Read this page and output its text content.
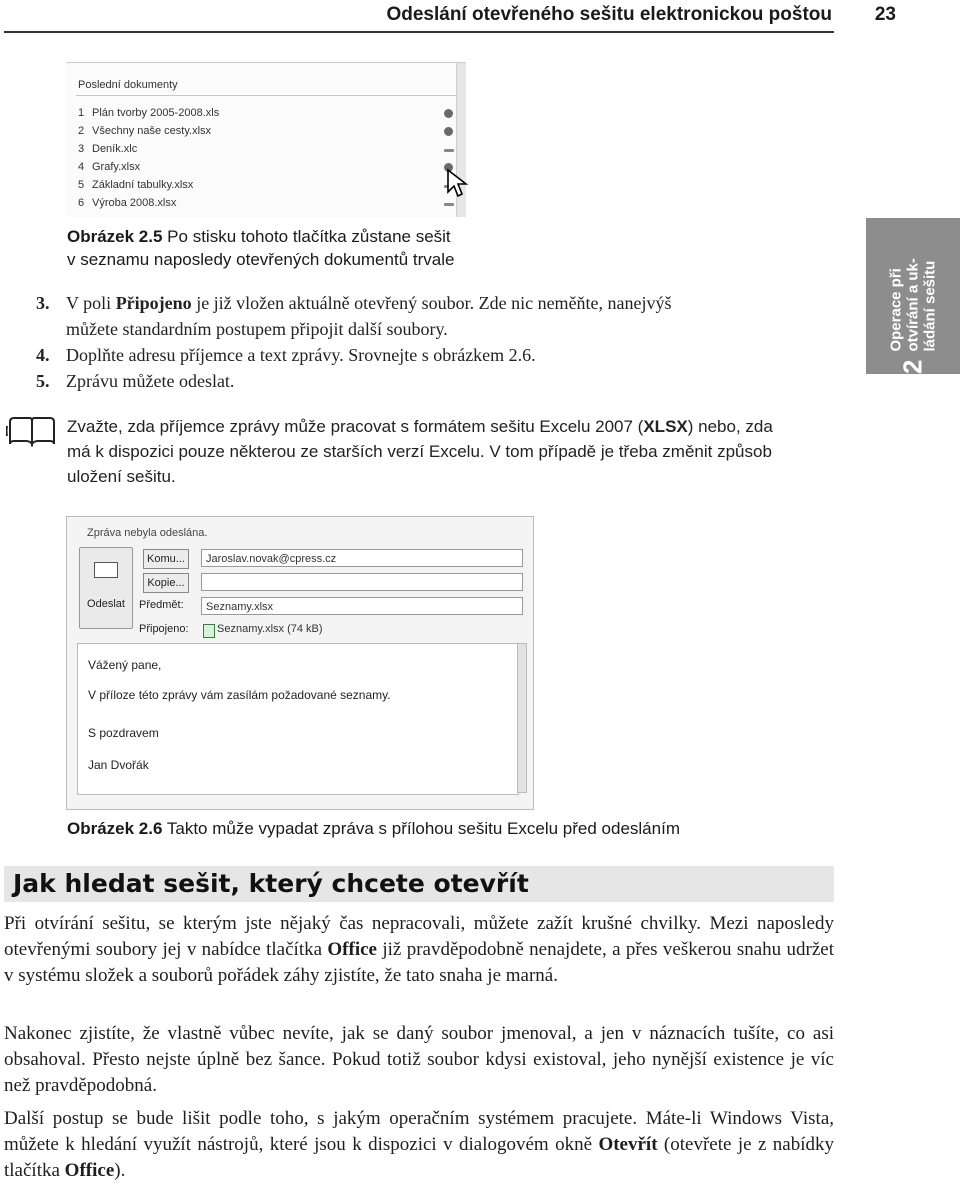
Odeslání otevřeného sešitu elektronickou poštou 23
2
Operace při
otvírání a uk-
ládání sešitu
Poslední dokumenty
1 Plán tvorby 2005-2008.xls
2 Všechny naše cesty.xlsx
3 Deník.xlc
4 Grafy.xlsx
5 Základní tabulky.xlsx
6 Výroba 2008.xlsx
Obrázek 2.5 Po stisku tohoto tlačítka zůstane sešit
v seznamu naposledy otevřených dokumentů trvale
3. V poli Připojeno je již vložen aktuálně otevřený soubor. Zde nic neměňte, nanejvýš
můžete standardním postupem připojit další soubory.
4. Doplňte adresu příjemce a text zprávy. Srovnejte s obrázkem 2.6.
5. Zprávu můžete odeslat.
Zvažte, zda příjemce zprávy může pracovat s formátem sešitu Excelu 2007 (XLSX) nebo, zda
má k dispozici pouze některou ze starších verzí Excelu. V tom případě je třeba změnit způsob
uložení sešitu.
Zpráva nebyla odeslána.
Odeslat
Komu...	Jaroslav.novak@cpress.cz
Kopie...
Předmět:	Seznamy.xlsx
Připojeno:	Seznamy.xlsx (74 kB)
Vážený pane,
V příloze této zprávy vám zasílám požadované seznamy.
S pozdravem
Jan Dvořák
Obrázek 2.6 Takto může vypadat zpráva s přílohou sešitu Excelu před odesláním
Jak hledat sešit, který chcete otevřít
Při otvírání sešitu, se kterým jste nějaký čas nepracovali, můžete zažít krušné chvilky. Mezi naposledy otevřenými soubory jej v nabídce tlačítka Office již pravděpodobně nenajdete, a přes veškerou snahu udržet v systému složek a souborů pořádek záhy zjistíte, že tato snaha je marná.
Nakonec zjistíte, že vlastně vůbec nevíte, jak se daný soubor jmenoval, a jen v náznacích tušíte, co asi obsahoval. Přesto nejste úplně bez šance. Pokud totiž soubor kdysi existoval, jeho nynější existence je víc než pravděpodobná.
Další postup se bude lišit podle toho, s jakým operačním systémem pracujete. Máte-li Windows Vista, můžete k hledání využít nástrojů, které jsou k dispozici v dialogovém okně Otevřít (otevřete je z nabídky tlačítka Office).
